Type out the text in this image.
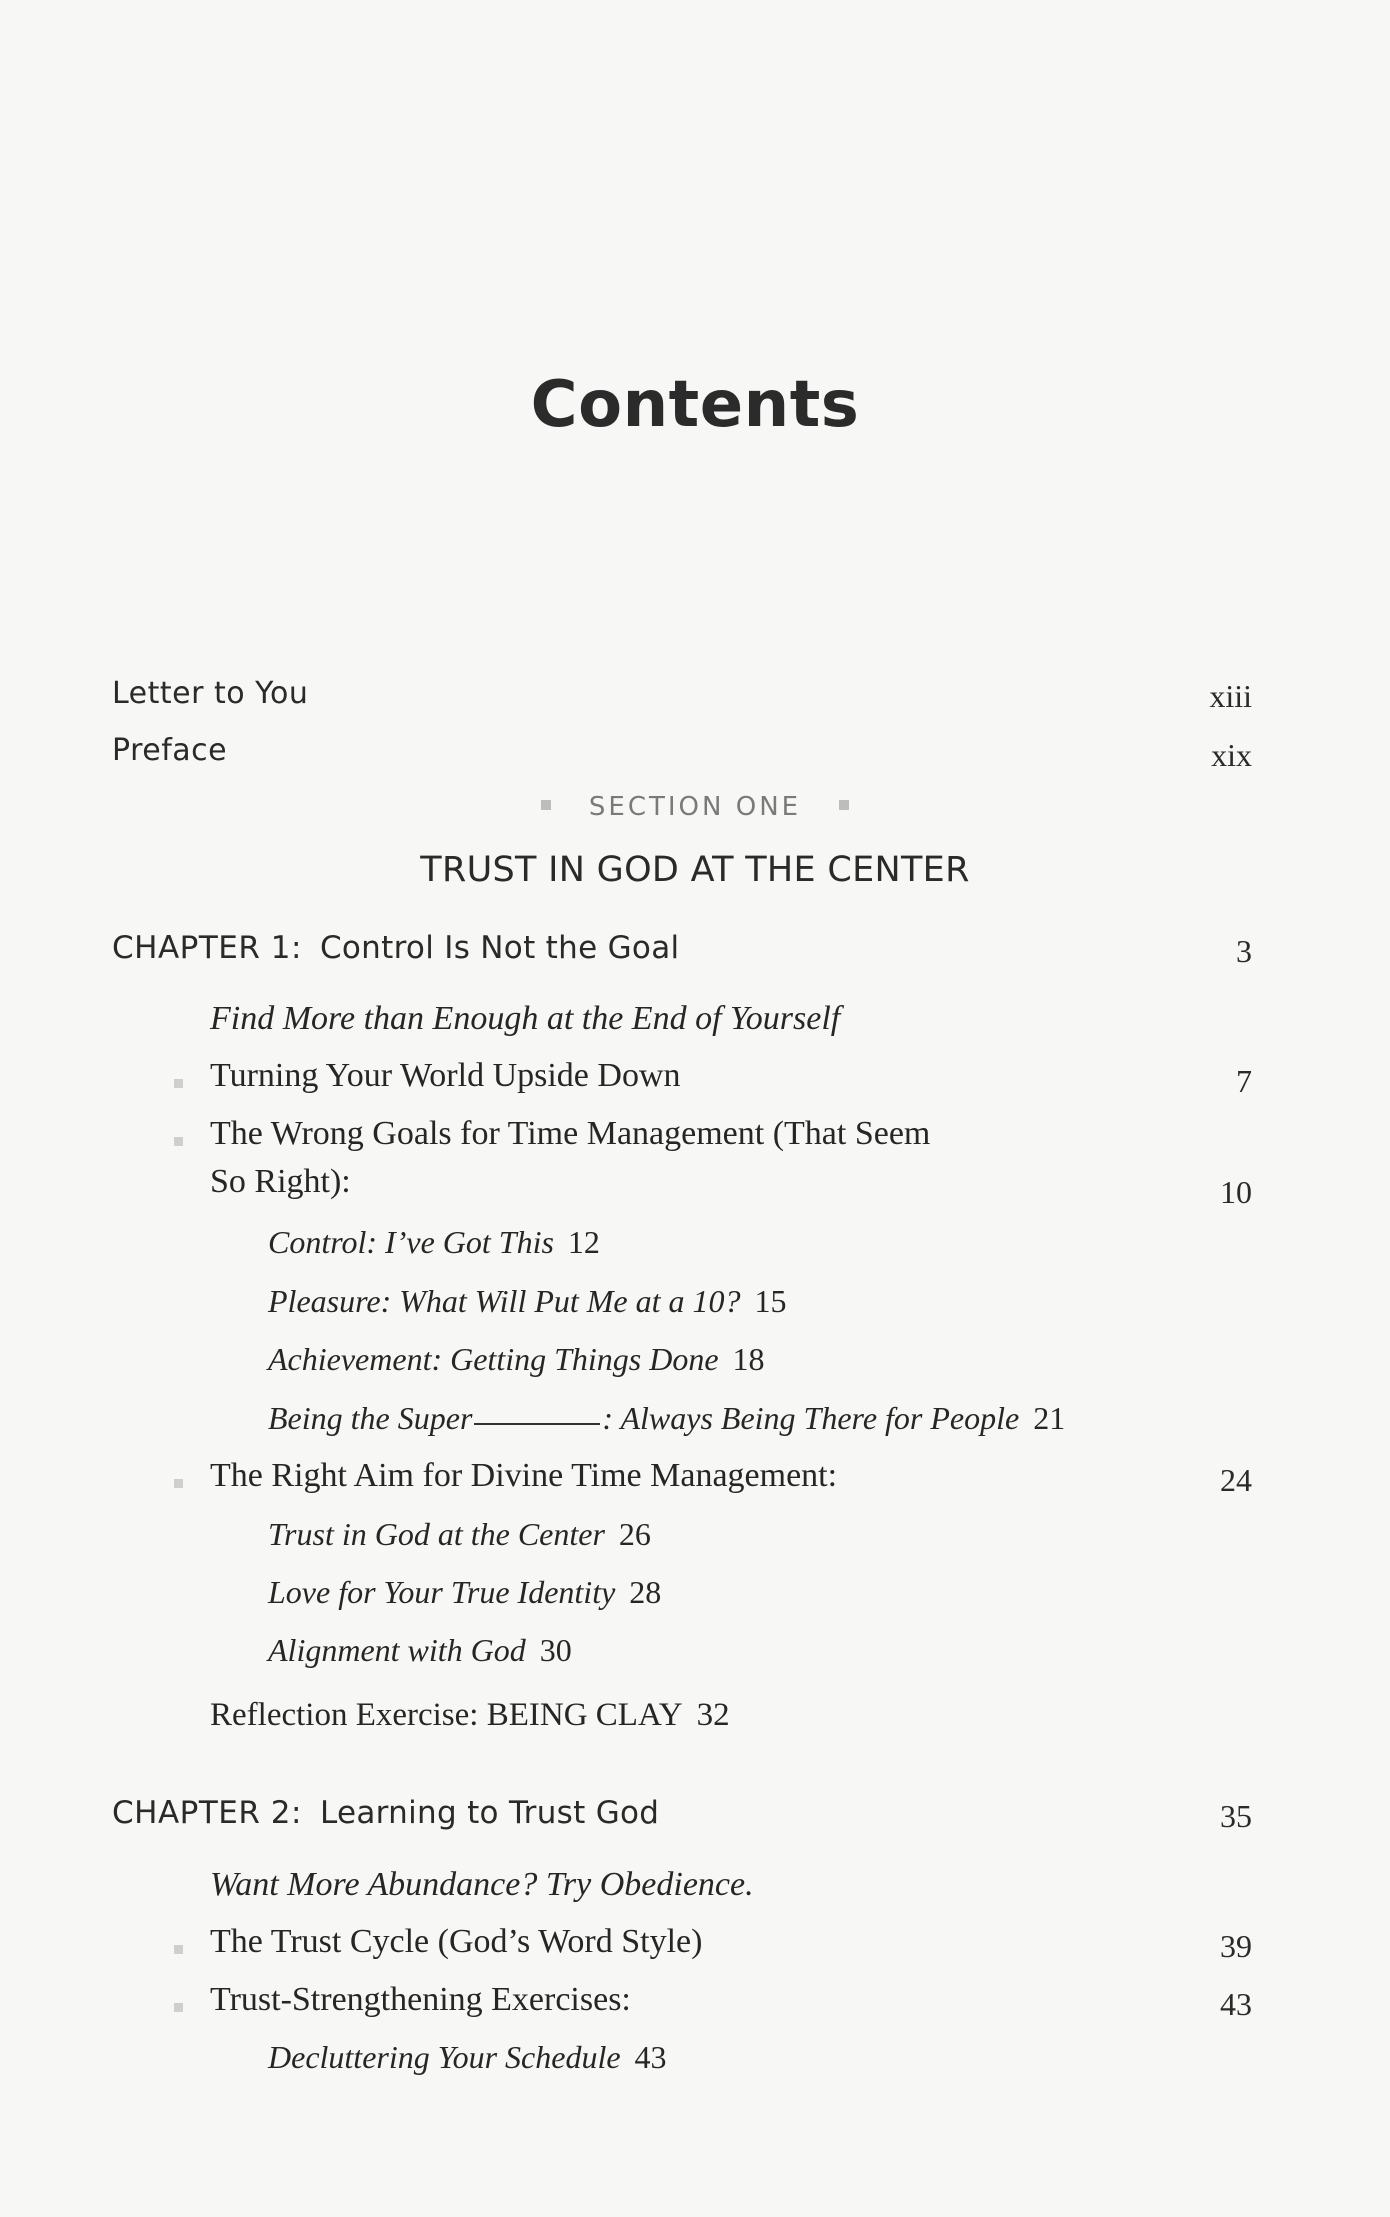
Contents
Letter to You	xiii
Preface	xix
SECTION ONE
TRUST IN GOD AT THE CENTER
CHAPTER 1: Control Is Not the Goal	3
Find More than Enough at the End of Yourself
Turning Your World Upside Down	7
The Wrong Goals for Time Management (That Seem
So Right):	10
Control: I’ve Got This 12
Pleasure: What Will Put Me at a 10? 15
Achievement: Getting Things Done 18
Being the Super	: Always Being There for People 21
The Right Aim for Divine Time Management:	24
Trust in God at the Center 26
Love for Your True Identity 28
Alignment with God 30
Reflection Exercise: BEING CLAY 32
CHAPTER 2: Learning to Trust God	35
Want More Abundance? Try Obedience.
The Trust Cycle (God’s Word Style)	39
Trust-Strengthening Exercises:	43
Decluttering Your Schedule 43
